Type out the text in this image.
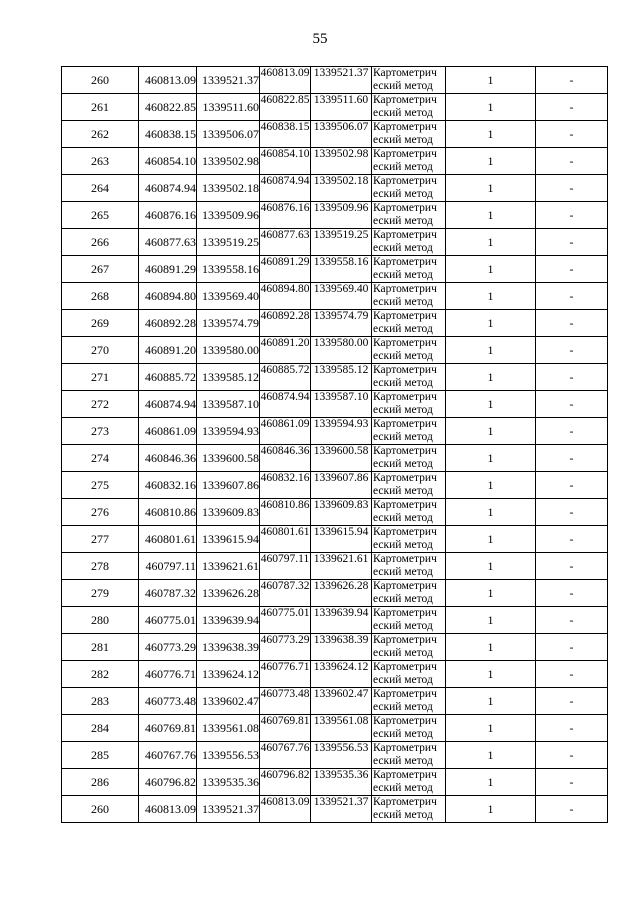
55
260	460813.09	1339521.37	460813.09	1339521.37	Картометрич
еский метод	1	-
261	460822.85	1339511.60	460822.85	1339511.60	Картометрич
еский метод	1	-
262	460838.15	1339506.07	460838.15	1339506.07	Картометрич
еский метод	1	-
263	460854.10	1339502.98	460854.10	1339502.98	Картометрич
еский метод	1	-
264	460874.94	1339502.18	460874.94	1339502.18	Картометрич
еский метод	1	-
265	460876.16	1339509.96	460876.16	1339509.96	Картометрич
еский метод	1	-
266	460877.63	1339519.25	460877.63	1339519.25	Картометрич
еский метод	1	-
267	460891.29	1339558.16	460891.29	1339558.16	Картометрич
еский метод	1	-
268	460894.80	1339569.40	460894.80	1339569.40	Картометрич
еский метод	1	-
269	460892.28	1339574.79	460892.28	1339574.79	Картометрич
еский метод	1	-
270	460891.20	1339580.00	460891.20	1339580.00	Картометрич
еский метод	1	-
271	460885.72	1339585.12	460885.72	1339585.12	Картометрич
еский метод	1	-
272	460874.94	1339587.10	460874.94	1339587.10	Картометрич
еский метод	1	-
273	460861.09	1339594.93	460861.09	1339594.93	Картометрич
еский метод	1	-
274	460846.36	1339600.58	460846.36	1339600.58	Картометрич
еский метод	1	-
275	460832.16	1339607.86	460832.16	1339607.86	Картометрич
еский метод	1	-
276	460810.86	1339609.83	460810.86	1339609.83	Картометрич
еский метод	1	-
277	460801.61	1339615.94	460801.61	1339615.94	Картометрич
еский метод	1	-
278	460797.11	1339621.61	460797.11	1339621.61	Картометрич
еский метод	1	-
279	460787.32	1339626.28	460787.32	1339626.28	Картометрич
еский метод	1	-
280	460775.01	1339639.94	460775.01	1339639.94	Картометрич
еский метод	1	-
281	460773.29	1339638.39	460773.29	1339638.39	Картометрич
еский метод	1	-
282	460776.71	1339624.12	460776.71	1339624.12	Картометрич
еский метод	1	-
283	460773.48	1339602.47	460773.48	1339602.47	Картометрич
еский метод	1	-
284	460769.81	1339561.08	460769.81	1339561.08	Картометрич
еский метод	1	-
285	460767.76	1339556.53	460767.76	1339556.53	Картометрич
еский метод	1	-
286	460796.82	1339535.36	460796.82	1339535.36	Картометрич
еский метод	1	-
260	460813.09	1339521.37	460813.09	1339521.37	Картометрич
еский метод	1	-
